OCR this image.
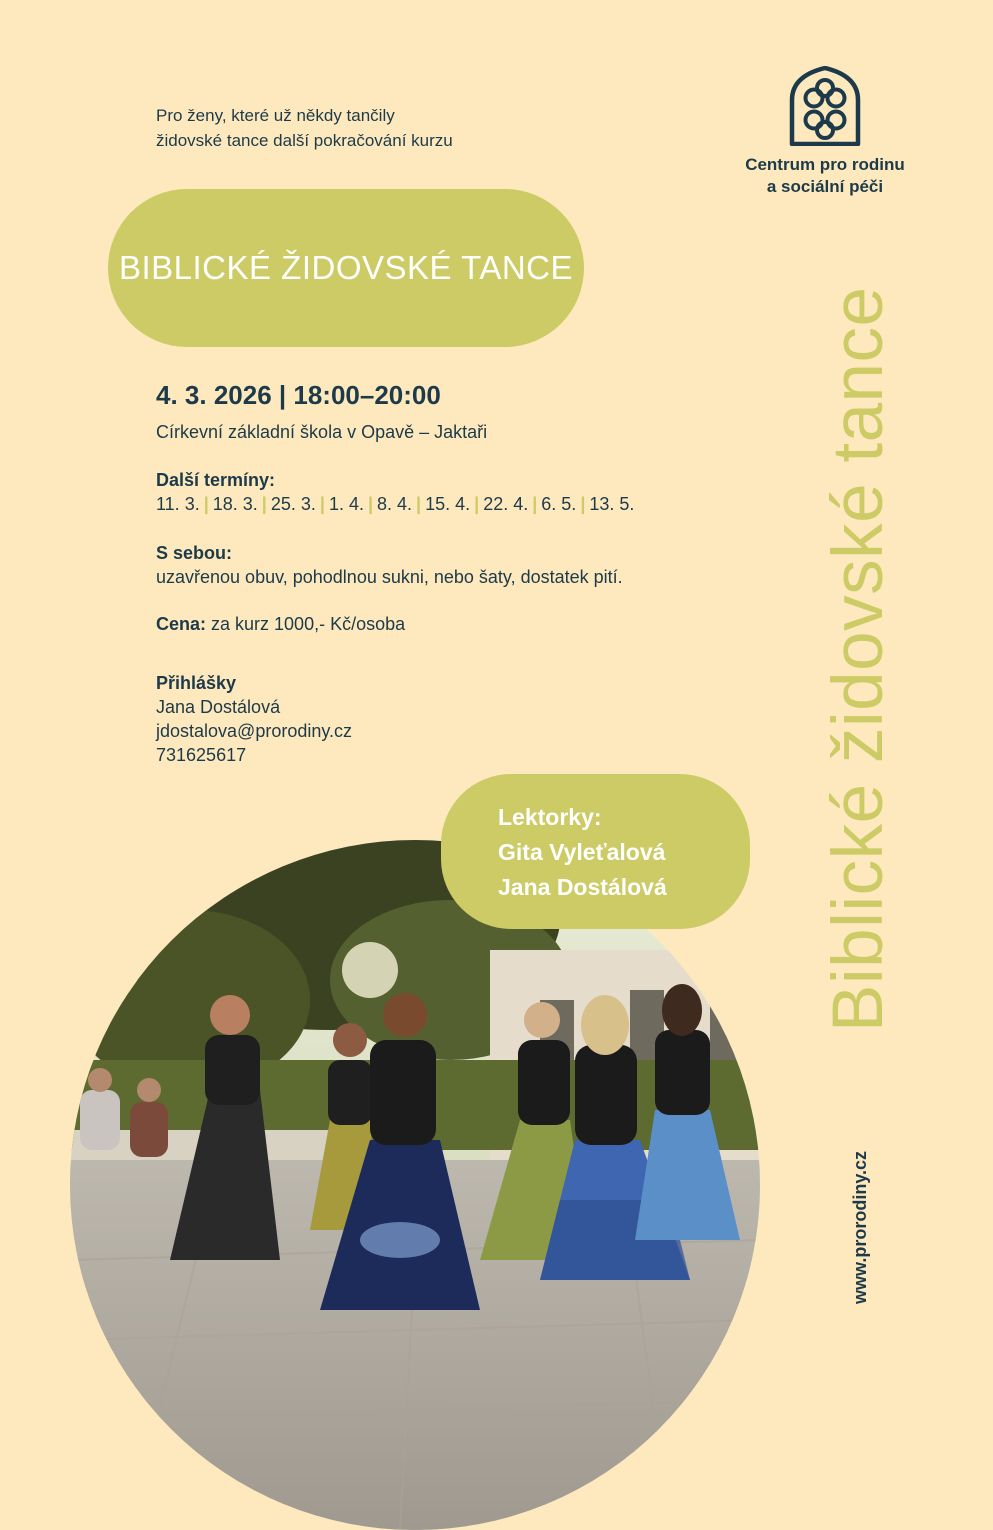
Pro ženy, které už někdy tančily
židovské tance další pokračování kurzu
Centrum pro rodinu
a sociální péči
BIBLICKÉ ŽIDOVSKÉ TANCE
4. 3. 2026 | 18:00–20:00
Církevní základní škola v Opavě – Jaktaři
Další termíny:
11. 3. | 18. 3. | 25. 3. | 1. 4. | 8. 4. | 15. 4. | 22. 4. | 6. 5. | 13. 5.
S sebou:
uzavřenou obuv, pohodlnou sukni, nebo šaty, dostatek pití.
Cena: za kurz 1000,- Kč/osoba
Přihlášky
Jana Dostálová
jdostalova@prorodiny.cz
731625617	Biblické židovské tance
www.prorodiny.cz
Lektorky:
Gita Vyleťalová
Jana Dostálová
